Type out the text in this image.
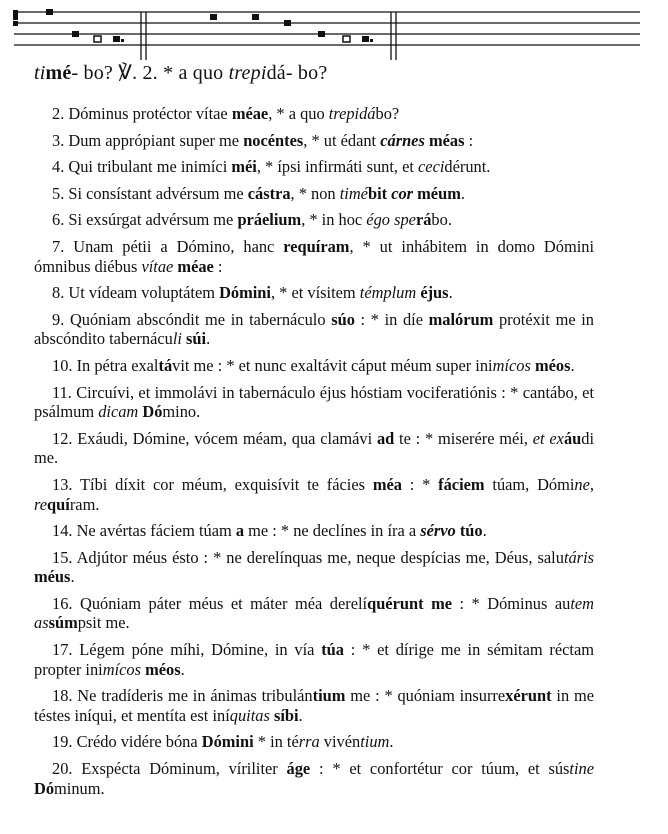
timé- bo? ℣. 2. * a quo trepidá- bo?

2. Dóminus protéctor vítae méae, * a quo trepidábo?

3. Dum apprópiant super me nocéntes, * ut édant cárnes méas :

4. Qui tribulant me inimíci méi, * ípsi infirmáti sunt, et cecidérunt.

5. Si consístant advérsum me cástra, * non timébit cor méum.

6. Si exsúrgat advérsum me práelium, * in hoc égo sperábo.

7. Unam pétii a Dómino, hanc requíram, * ut inhábitem in domo Dómini ómnibus diébus vítae méae :

8. Ut vídeam voluptátem Dómini, * et vísitem témplum éjus.

9. Quóniam abscóndit me in tabernáculo súo : * in díe malórum protéxit me in abscóndito tabernáculi súi.

10. In pétra exaltávit me : * et nunc exaltávit cáput méum super inimícos méos.

11. Circuívi, et immolávi in tabernáculo éjus hóstiam vociferatiónis : * cantábo, et psálmum dicam Dómino.

12. Exáudi, Dómine, vócem méam, qua clamávi ad te : * miserére méi, et exáudi me.

13. Tíbi díxit cor méum, exquisívit te fácies méa : * fáciem túam, Dómine, requíram.

14. Ne avértas fáciem túam a me : * ne declínes in íra a sérvo túo.

15. Adjútor méus ésto : * ne derelínquas me, neque despícias me, Déus, salutáris méus.

16. Quóniam páter méus et máter méa derelíquérunt me : * Dóminus autem assúmpsit me.

17. Légem póne míhi, Dómine, in vía túa : * et dírige me in sémitam réctam propter inimícos méos.

18. Ne tradíderis me in ánimas tribulántium me : * quóniam insurrexérunt in me téstes iníqui, et mentíta est iníquitas síbi.

19. Crédo vidére bóna Dómini * in térra vivéntium.

20. Exspécta Dóminum, víriliter áge : * et confortétur cor túum, et sústine Dóminum.
